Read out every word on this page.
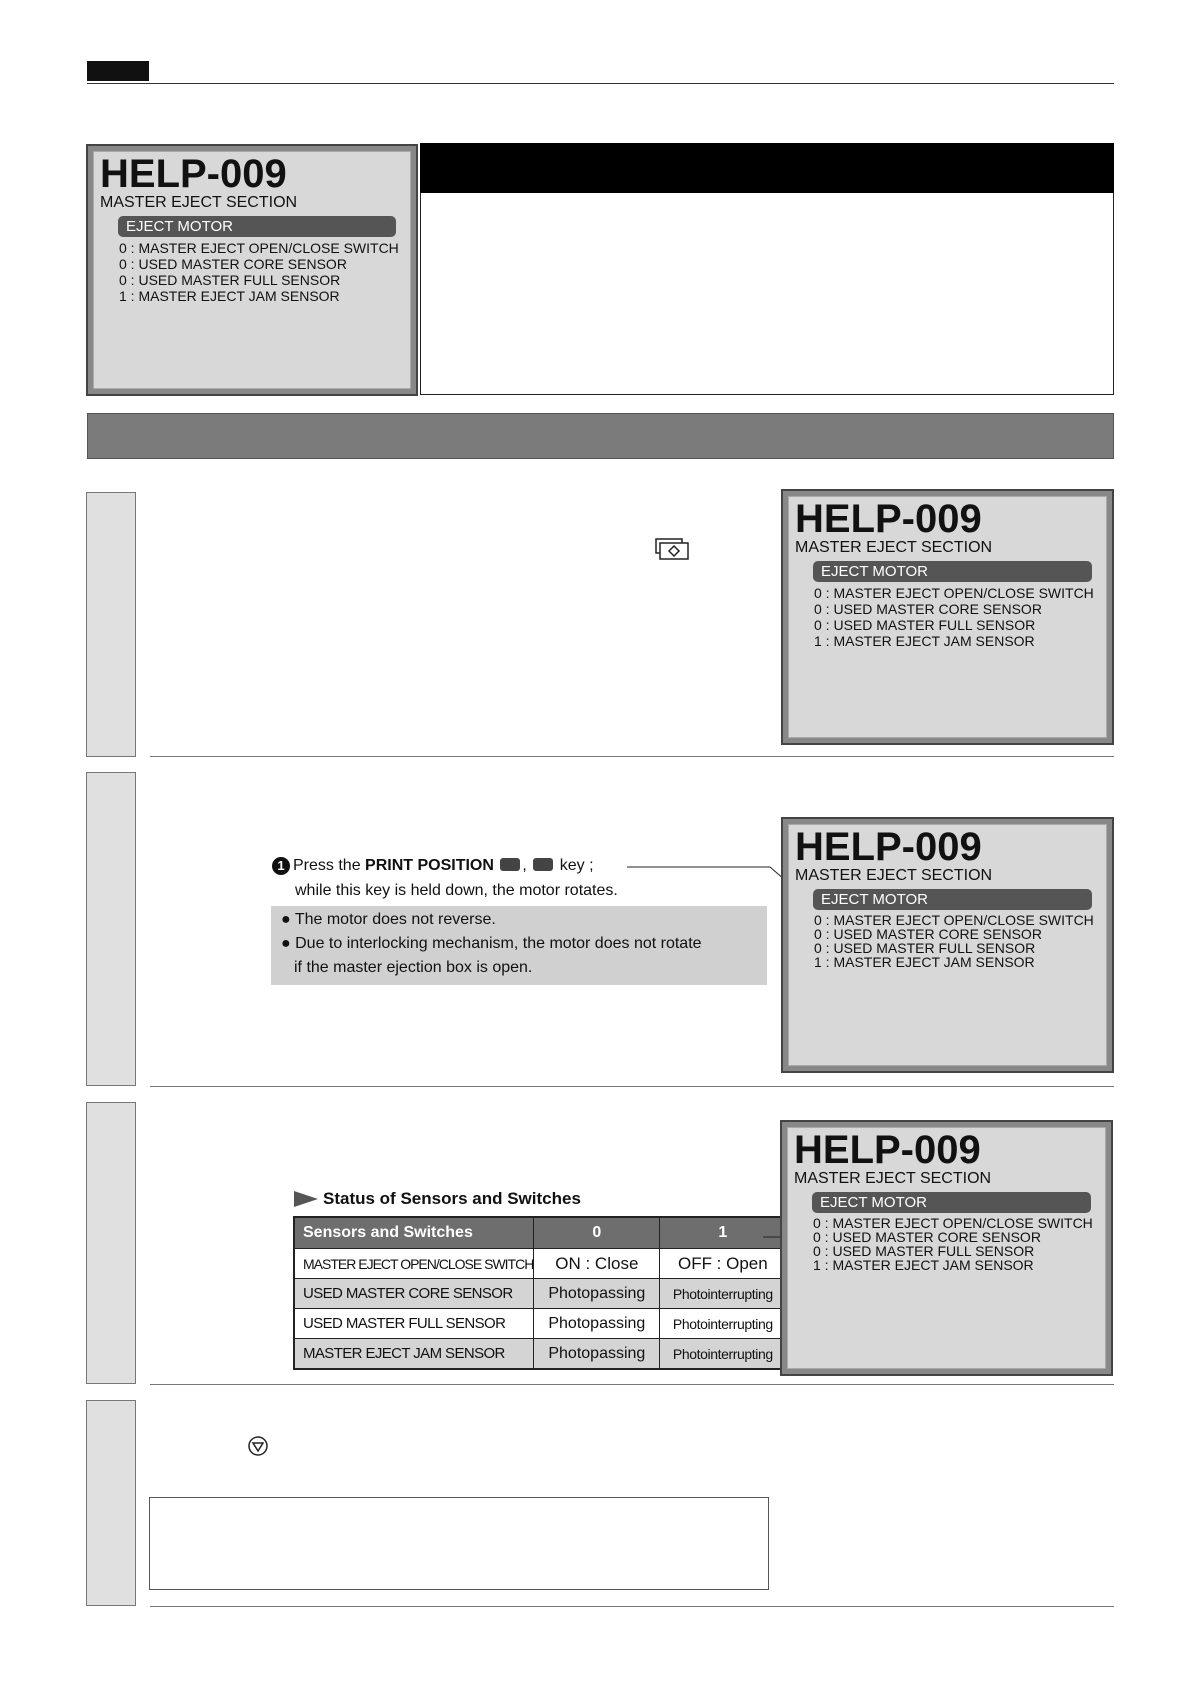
HELP-009
MASTER EJECT SECTION
EJECT MOTOR
0 : MASTER EJECT OPEN/CLOSE SWITCH
0 : USED MASTER CORE SENSOR
0 : USED MASTER FULL SENSOR
1 : MASTER EJECT JAM SENSOR
HELP-009
MASTER EJECT SECTION
EJECT MOTOR
0 : MASTER EJECT OPEN/CLOSE SWITCH
0 : USED MASTER CORE SENSOR
0 : USED MASTER FULL SENSOR
1 : MASTER EJECT JAM SENSOR
1 Press the PRINT POSITION , key ;
while this key is held down, the motor rotates.
● The motor does not reverse.
● Due to interlocking mechanism, the motor does not rotate
if the master ejection box is open.
HELP-009
MASTER EJECT SECTION
EJECT MOTOR
0 : MASTER EJECT OPEN/CLOSE SWITCH
0 : USED MASTER CORE SENSOR
0 : USED MASTER FULL SENSOR
1 : MASTER EJECT JAM SENSOR
Status of Sensors and Switches
Sensors and Switches	0	1
MASTER EJECT OPEN/CLOSE SWITCH	ON : Close	OFF : Open
USED MASTER CORE SENSOR	Photopassing	Photointerrupting
USED MASTER FULL SENSOR	Photopassing	Photointerrupting
MASTER EJECT JAM SENSOR	Photopassing	Photointerrupting
HELP-009
MASTER EJECT SECTION
EJECT MOTOR
0 : MASTER EJECT OPEN/CLOSE SWITCH
0 : USED MASTER CORE SENSOR
0 : USED MASTER FULL SENSOR
1 : MASTER EJECT JAM SENSOR
